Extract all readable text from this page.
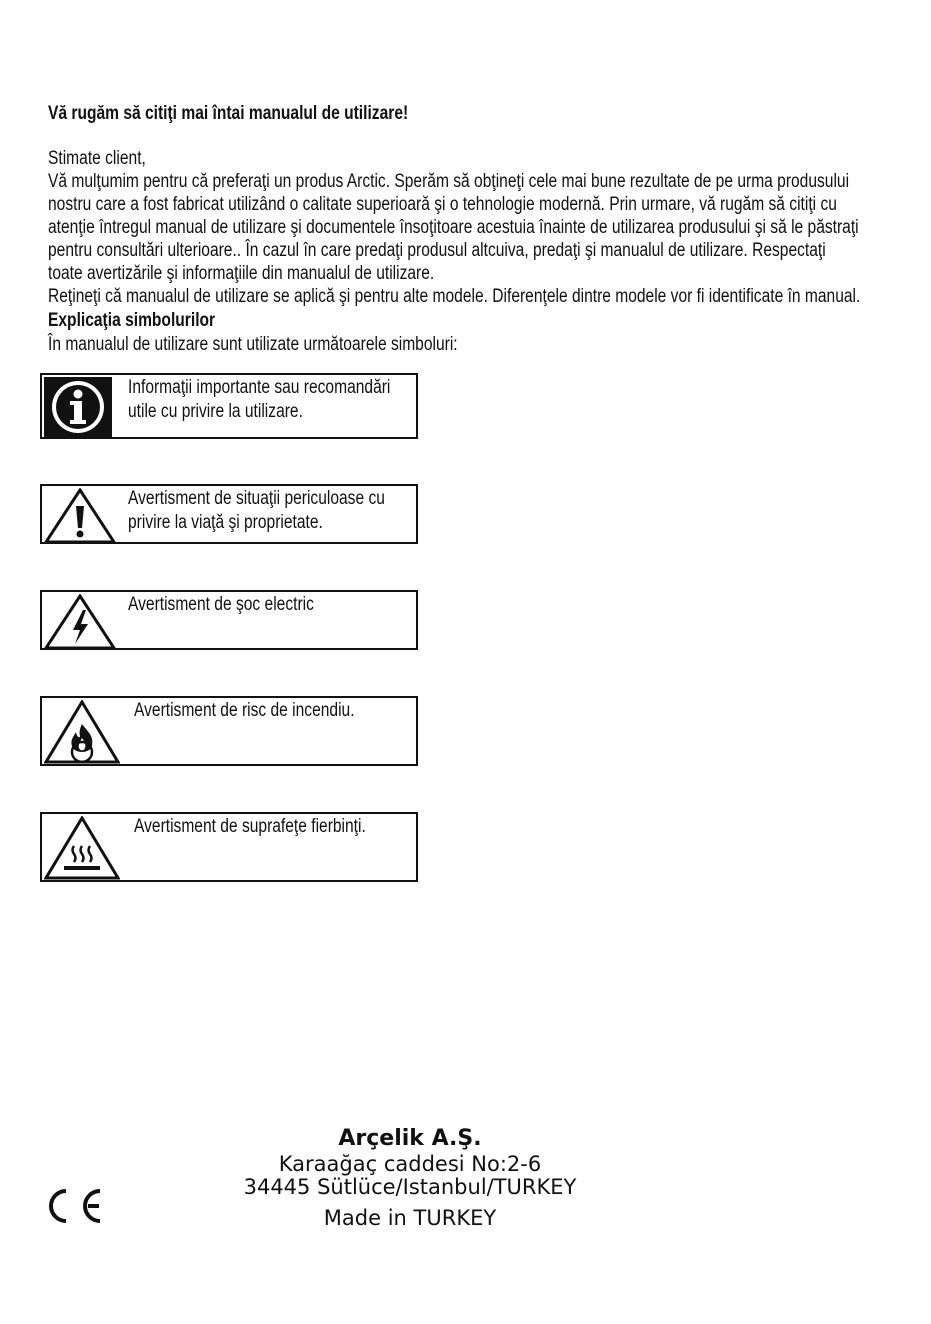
Vă rugăm să citiţi mai întai manualul de utilizare!
Stimate client,
Vă mulţumim pentru că preferaţi un produs Arctic. Sperăm să obţineţi cele mai bune rezultate de pe urma produsului
nostru care a fost fabricat utilizând o calitate superioară şi o tehnologie modernă. Prin urmare, vă rugăm să citiţi cu
atenţie întregul manual de utilizare şi documentele însoţitoare acestuia înainte de utilizarea produsului şi să le păstraţi
pentru consultări ulterioare.. În cazul în care predaţi produsul altcuiva, predaţi şi manualul de utilizare. Respectaţi
toate avertizările şi informaţiile din manualul de utilizare.
Reţineţi că manualul de utilizare se aplică şi pentru alte modele. Diferenţele dintre modele vor fi identificate în manual.
Explicaţia simbolurilor
În manualul de utilizare sunt utilizate următoarele simboluri:
Informaţii importante sau recomandări
utile cu privire la utilizare.
Avertisment de situaţii periculoase cu
privire la viaţă şi proprietate.
Avertisment de şoc electric
Avertisment de risc de incendiu.
Avertisment de suprafeţe fierbinţi.
Arçelik A.Ş.
Karaağaç caddesi No:2-6
34445 Sütlüce/Istanbul/TURKEY
Made in TURKEY
